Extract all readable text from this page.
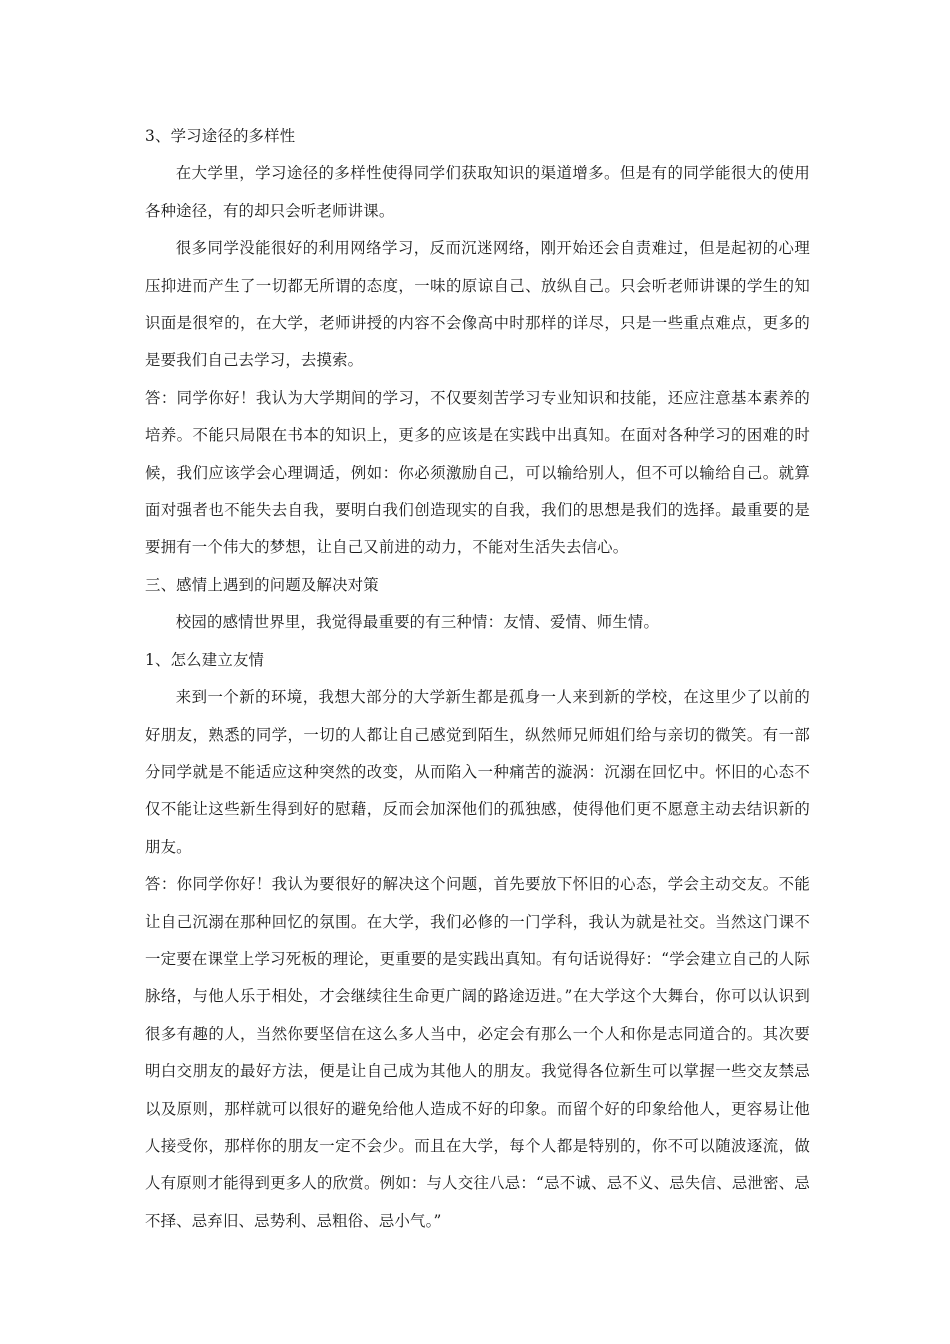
3、学习途径的多样性

在大学里，学习途径的多样性使得同学们获取知识的渠道增多。但是有的同学能很大的使用各种途径，有的却只会听老师讲课。

很多同学没能很好的利用网络学习，反而沉迷网络，刚开始还会自责难过，但是起初的心理压抑进而产生了一切都无所谓的态度，一味的原谅自己、放纵自己。只会听老师讲课的学生的知识面是很窄的，在大学，老师讲授的内容不会像高中时那样的详尽，只是一些重点难点，更多的是要我们自己去学习，去摸索。

答：同学你好！我认为大学期间的学习，不仅要刻苦学习专业知识和技能，还应注意基本素养的培养。不能只局限在书本的知识上，更多的应该是在实践中出真知。在面对各种学习的困难的时候，我们应该学会心理调适，例如：你必须激励自己，可以输给别人，但不可以输给自己。就算面对强者也不能失去自我，要明白我们创造现实的自我，我们的思想是我们的选择。最重要的是要拥有一个伟大的梦想，让自己又前进的动力，不能对生活失去信心。

三、感情上遇到的问题及解决对策

校园的感情世界里，我觉得最重要的有三种情：友情、爱情、师生情。

1、怎么建立友情

来到一个新的环境，我想大部分的大学新生都是孤身一人来到新的学校，在这里少了以前的好朋友，熟悉的同学，一切的人都让自己感觉到陌生，纵然师兄师姐们给与亲切的微笑。有一部分同学就是不能适应这种突然的改变，从而陷入一种痛苦的漩涡：沉溺在回忆中。怀旧的心态不仅不能让这些新生得到好的慰藉，反而会加深他们的孤独感，使得他们更不愿意主动去结识新的朋友。

答：你同学你好！我认为要很好的解决这个问题，首先要放下怀旧的心态，学会主动交友。不能让自己沉溺在那种回忆的氛围。在大学，我们必修的一门学科，我认为就是社交。当然这门课不一定要在课堂上学习死板的理论，更重要的是实践出真知。有句话说得好：“学会建立自己的人际脉络，与他人乐于相处，才会继续往生命更广阔的路途迈进。”在大学这个大舞台，你可以认识到很多有趣的人，当然你要坚信在这么多人当中，必定会有那么一个人和你是志同道合的。其次要明白交朋友的最好方法，便是让自己成为其他人的朋友。我觉得各位新生可以掌握一些交友禁忌以及原则，那样就可以很好的避免给他人造成不好的印象。而留个好的印象给他人，更容易让他人接受你，那样你的朋友一定不会少。而且在大学，每个人都是特别的，你不可以随波逐流，做人有原则才能得到更多人的欣赏。例如：与人交往八忌：“忌不诚、忌不义、忌失信、忌泄密、忌不择、忌弃旧、忌势利、忌粗俗、忌小气。”
